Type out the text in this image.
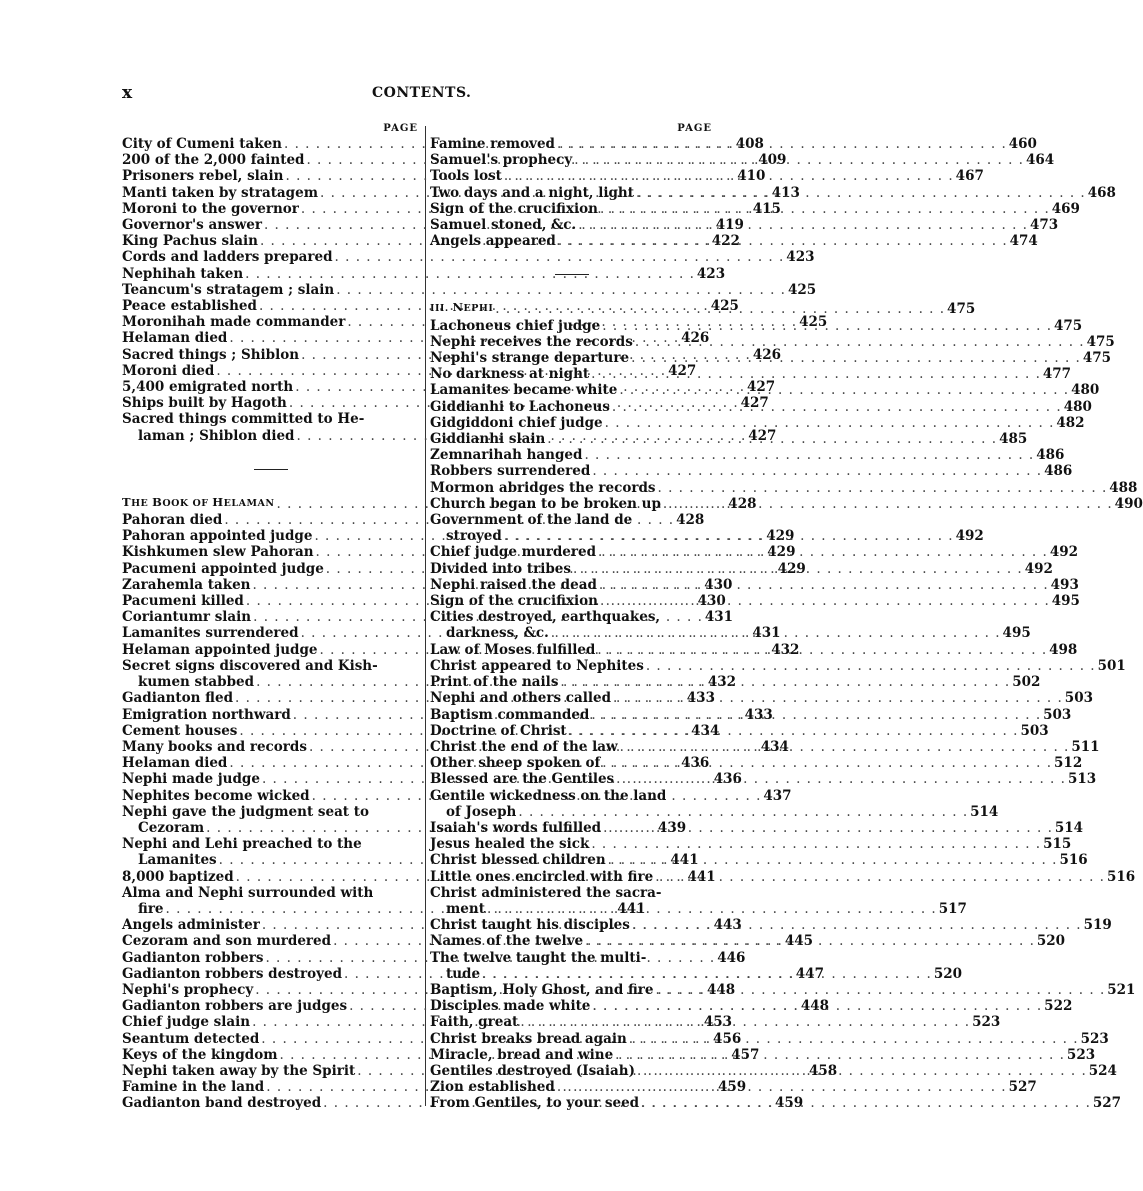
x	CONTENTS.
PAGE
City of Cumeni taken . . .	408
200 of the 2,000 fainted . . .	409
Prisoners rebel, slain . . .	410
Manti taken by stratagem . . .	413
Moroni to the governor . . .	415
Governor's answer . . .	419
King Pachus slain . . .	422
Cords and ladders prepared . . .	423
Nephihah taken . . .	423
Teancum's stratagem ; slain . . .	425
Peace established . . .	425
Moronihah made commander . . .	425
Helaman died . . .	426
Sacred things ; Shiblon . . .	426
Moroni died . . .	427
5,400 emigrated north . . .	427
Ships built by Hagoth . . .	427
Sacred things committed to He-
laman ; Shiblon died . . .	427
THE BOOK OF HELAMAN . . .	428
Pahoran died . . .	428
Pahoran appointed judge . . .	429
Kishkumen slew Pahoran . . .	429
Pacumeni appointed judge . . .	429
Zarahemla taken . . .	430
Pacumeni killed . . .	430
Coriantumr slain . . .	431
Lamanites surrendered . . .	431
Helaman appointed judge . . .	432
Secret signs discovered and Kish-
kumen stabbed . . .	432
Gadianton fled . . .	433
Emigration northward . . .	433
Cement houses . . .	434
Many books and records . . .	434
Helaman died . . .	436
Nephi made judge . . .	436
Nephites become wicked . . .	437
Nephi gave the judgment seat to
Cezoram . . .	439
Nephi and Lehi preached to the
Lamanites . . .	441
8,000 baptized . . .	441
Alma and Nephi surrounded with
fire . . .	441
Angels administer . . .	443
Cezoram and son murdered . . .	445
Gadianton robbers . . .	446
Gadianton robbers destroyed . . .	447
Nephi's prophecy . . .	448
Gadianton robbers are judges . . .	448
Chief judge slain . . .	453
Seantum detected . . .	456
Keys of the kingdom . . .	457
Nephi taken away by the Spirit . . .	458
Famine in the land . . .	459
Gadianton band destroyed . . .	459
PAGE
Famine removed . . .	460
Samuel's prophecy . . .	464
Tools lost . . .	467
Two days and a night, light . . .	468
Sign of the crucifixion . . .	469
Samuel stoned, &c. . . .	473
Angels appeared . . .	474
III. NEPHI . . .	475
Lachoneus chief judge . . .	475
Nephi receives the records . . .	475
Nephi's strange departure . . .	475
No darkness at night . . .	477
Lamanites became white . . .	480
Giddianhi to Lachoneus . . .	480
Gidgiddoni chief judge . . .	482
Giddianhi slain . . .	485
Zemnarihah hanged . . .	486
Robbers surrendered . . .	486
Mormon abridges the records . . .	488
Church began to be broken up . . .	490
Government of the land de
stroyed . . .	492
Chief judge murdered . . .	492
Divided into tribes . . .	492
Nephi raised the dead . . .	493
Sign of the crucifixion . . .	495
Cities destroyed, earthquakes,
darkness, &c. . . .	495
Law of Moses fulfilled . . .	498
Christ appeared to Nephites . . .	501
Print of the nails . . .	502
Nephi and others called . . .	503
Baptism commanded . . .	503
Doctrine of Christ . . .	503
Christ the end of the law . . .	511
Other sheep spoken of . . .	512
Blessed are the Gentiles . . .	513
Gentile wickedness on the land
of Joseph . . .	514
Isaiah's words fulfilled . . .	514
Jesus healed the sick . . .	515
Christ blessed children . . .	516
Little ones encircled with fire . . .	516
Christ administered the sacra-
ment . . .	517
Christ taught his disciples . . .	519
Names of the twelve . . .	520
The twelve taught the multi-
tude . . .	520
Baptism, Holy Ghost, and fire . . .	521
Disciples made white . . .	522
Faith, great . . .	523
Christ breaks bread again . . .	523
Miracle, bread and wine . . .	523
Gentiles destroyed (Isaiah) . . .	524
Zion established . . .	527
From Gentiles, to your seed . . .	527
